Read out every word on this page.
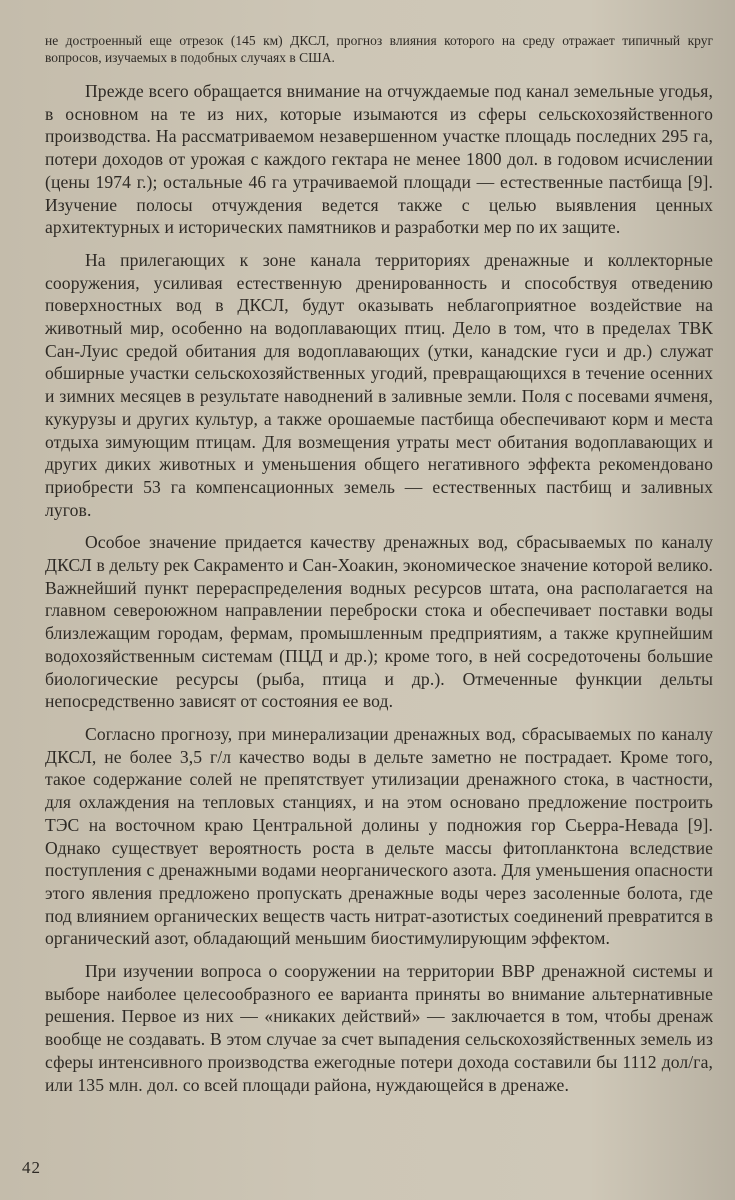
не достроенный еще отрезок (145 км) ДКСЛ, прогноз влияния которого на среду отражает типичный круг вопросов, изучаемых в подобных случаях в США.

Прежде всего обращается внимание на отчуждаемые под канал земельные угодья, в основном на те из них, которые изымаются из сферы сельскохозяйственного производства. На рассматриваемом незавершенном участке площадь последних 295 га, потери доходов от урожая с каждого гектара не менее 1800 дол. в годовом исчислении (цены 1974 г.); остальные 46 га утрачиваемой площади — естественные пастбища [9]. Изучение полосы отчуждения ведется также с целью выявления ценных архитектурных и исторических памятников и разработки мер по их защите.

На прилегающих к зоне канала территориях дренажные и коллекторные сооружения, усиливая естественную дренированность и способствуя отведению поверхностных вод в ДКСЛ, будут оказывать неблагоприятное воздействие на животный мир, особенно на водоплавающих птиц. Дело в том, что в пределах ТВК Сан-Луис средой обитания для водоплавающих (утки, канадские гуси и др.) служат обширные участки сельскохозяйственных угодий, превращающихся в течение осенних и зимних месяцев в результате наводнений в заливные земли. Поля с посевами ячменя, кукурузы и других культур, а также орошаемые пастбища обеспечивают корм и места отдыха зимующим птицам. Для возмещения утраты мест обитания водоплавающих и других диких животных и уменьшения общего негативного эффекта рекомендовано приобрести 53 га компенсационных земель — естественных пастбищ и заливных лугов.

Особое значение придается качеству дренажных вод, сбрасываемых по каналу ДКСЛ в дельту рек Сакраменто и Сан-Хоакин, экономическое значение которой велико. Важнейший пункт перераспределения водных ресурсов штата, она располагается на главном североюжном направлении переброски стока и обеспечивает поставки воды близлежащим городам, фермам, промышленным предприятиям, а также крупнейшим водохозяйственным системам (ПЦД и др.); кроме того, в ней сосредоточены большие биологические ресурсы (рыба, птица и др.). Отмеченные функции дельты непосредственно зависят от состояния ее вод.

Согласно прогнозу, при минерализации дренажных вод, сбрасываемых по каналу ДКСЛ, не более 3,5 г/л качество воды в дельте заметно не пострадает. Кроме того, такое содержание солей не препятствует утилизации дренажного стока, в частности, для охлаждения на тепловых станциях, и на этом основано предложение построить ТЭС на восточном краю Центральной долины у подножия гор Сьерра-Невада [9]. Однако существует вероятность роста в дельте массы фитопланктона вследствие поступления с дренажными водами неорганического азота. Для уменьшения опасности этого явления предложено пропускать дренажные воды через засоленные болота, где под влиянием органических веществ часть нитрат-азотистых соединений превратится в органический азот, обладающий меньшим биостимулирующим эффектом.

При изучении вопроса о сооружении на территории ВВР дренажной системы и выборе наиболее целесообразного ее варианта приняты во внимание альтернативные решения. Первое из них — «никаких действий» — заключается в том, чтобы дренаж вообще не создавать. В этом случае за счет выпадения сельскохозяйственных земель из сферы интенсивного производства ежегодные потери дохода составили бы 1112 дол/га, или 135 млн. дол. со всей площади района, нуждающейся в дренаже.

42
